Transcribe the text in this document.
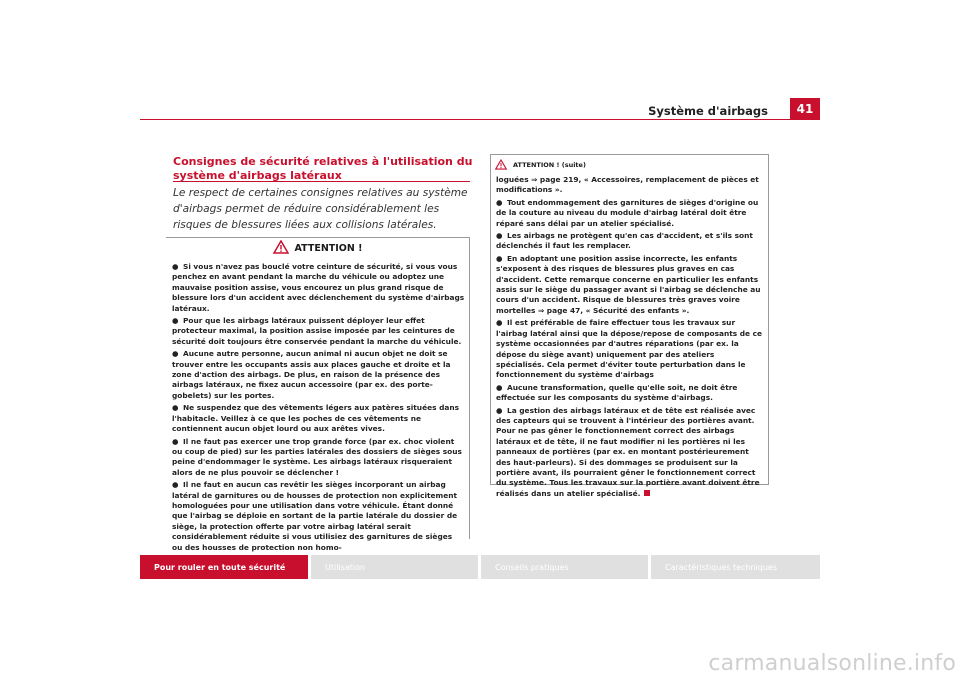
Système d'airbags	41
Consignes de sécurité relatives à l'utilisation du système d'airbags latéraux

Le respect de certaines consignes relatives au système d'airbags permet de réduire considérablement les risques de blessures liées aux collisions latérales.

ATTENTION !

● Si vous n'avez pas bouclé votre ceinture de sécurité, si vous vous penchez en avant pendant la marche du véhicule ou adoptez une mauvaise position assise, vous encourez un plus grand risque de blessure lors d'un accident avec déclenchement du système d'airbags latéraux.

● Pour que les airbags latéraux puissent déployer leur effet protecteur maximal, la position assise imposée par les ceintures de sécurité doit toujours être conservée pendant la marche du véhicule.

● Aucune autre personne, aucun animal ni aucun objet ne doit se trouver entre les occupants assis aux places gauche et droite et la zone d'action des airbags. De plus, en raison de la présence des airbags latéraux, ne fixez aucun accessoire (par ex. des porte-gobelets) sur les portes.

● Ne suspendez que des vêtements légers aux patères situées dans l'habitacle. Veillez à ce que les poches de ces vêtements ne contiennent aucun objet lourd ou aux arêtes vives.

● Il ne faut pas exercer une trop grande force (par ex. choc violent ou coup de pied) sur les parties latérales des dossiers de sièges sous peine d'endommager le système. Les airbags latéraux risqueraient alors de ne plus pouvoir se déclencher !

● Il ne faut en aucun cas revêtir les sièges incorporant un airbag latéral de garnitures ou de housses de protection non explicitement homologuées pour une utilisation dans votre véhicule. Étant donné que l'airbag se déploie en sortant de la partie latérale du dossier de siège, la protection offerte par votre airbag latéral serait considérablement réduite si vous utilisiez des garnitures de sièges ou des housses de protection non homo-

ATTENTION ! (suite)

loguées ⇒ page 219, « Accessoires, remplacement de pièces et modifications ».

● Tout endommagement des garnitures de sièges d'origine ou de la couture au niveau du module d'airbag latéral doit être réparé sans délai par un atelier spécialisé.

● Les airbags ne protègent qu'en cas d'accident, et s'ils sont déclenchés il faut les remplacer.

● En adoptant une position assise incorrecte, les enfants s'exposent à des risques de blessures plus graves en cas d'accident. Cette remarque concerne en particulier les enfants assis sur le siège du passager avant si l'airbag se déclenche au cours d'un accident. Risque de blessures très graves voire mortelles ⇒ page 47, « Sécurité des enfants ».

● Il est préférable de faire effectuer tous les travaux sur l'airbag latéral ainsi que la dépose/repose de composants de ce système occasionnées par d'autres réparations (par ex. la dépose du siège avant) uniquement par des ateliers spécialisés. Cela permet d'éviter toute perturbation dans le fonctionnement du système d'airbags

● Aucune transformation, quelle qu'elle soit, ne doit être effectuée sur les composants du système d'airbags.

● La gestion des airbags latéraux et de tête est réalisée avec des capteurs qui se trouvent à l'intérieur des portières avant. Pour ne pas gêner le fonctionnement correct des airbags latéraux et de tête, il ne faut modifier ni les portières ni les panneaux de portières (par ex. en montant postérieurement des haut-parleurs). Si des dommages se produisent sur la portière avant, ils pourraient gêner le fonctionnement correct du système. Tous les travaux sur la portière avant doivent être réalisés dans un atelier spécialisé.

Pour rouler en toute sécurité	Utilisation	Conseils pratiques	Caractéristiques techniques
carmanualsonline.info
